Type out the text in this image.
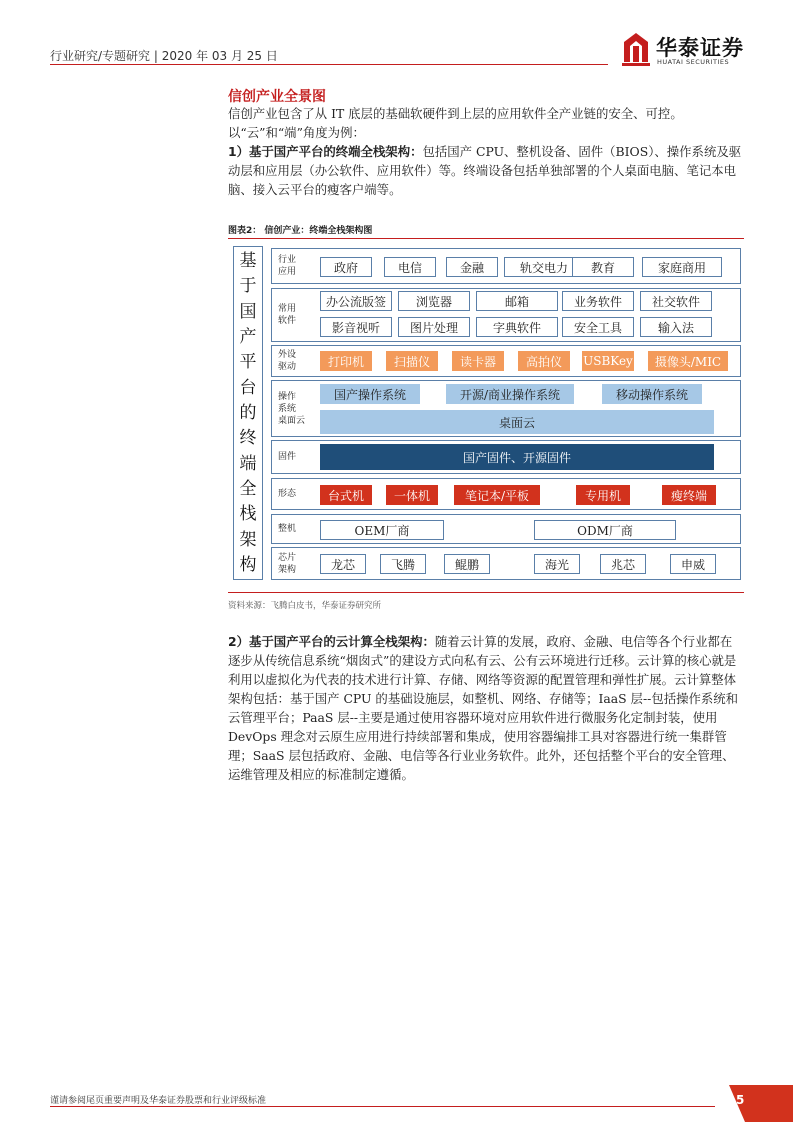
行业研究/专题研究 | 2020 年 03 月 25 日	华泰证券
HUATAI SECURITIES
信创产业全景图
信创产业包含了从 IT 底层的基础软硬件到上层的应用软件全产业链的安全、可控。
以“云”和“端”角度为例：
1）基于国产平台的终端全栈架构：包括国产 CPU、整机设备、固件（BIOS）、操作系统及驱动层和应用层（办公软件、应用软件）等。终端设备包括单独部署的个人桌面电脑、笔记本电脑、接入云平台的瘦客户端等。
图表2： 信创产业：终端全栈架构图
基
于
国
产
平
台
的
终
端
全
栈
架
构
行业
应用	政府	电信	金融	轨交电力	教育	家庭商用
常用
软件
办公流版签	浏览器	邮箱	业务软件	社交软件
影音视听	图片处理	字典软件	安全工具	输入法
外设
驱动	打印机	扫描仪	读卡器	高拍仪	USBKey	摄像头/MIC
操作
系统
桌面云
国产操作系统	开源/商业操作系统	移动操作系统
桌面云
固件	国产固件、开源固件
形态	台式机	一体机	笔记本/平板	专用机	瘦终端
整机	OEM厂商	ODM厂商
芯片
架构	龙芯	飞腾	鲲鹏	海光	兆芯	申威
资料来源：飞腾白皮书，华泰证券研究所
2）基于国产平台的云计算全栈架构：随着云计算的发展，政府、金融、电信等各个行业都在逐步从传统信息系统“烟囱式”的建设方式向私有云、公有云环境进行迁移。云计算的核心就是利用以虚拟化为代表的技术进行计算、存储、网络等资源的配置管理和弹性扩展。云计算整体架构包括：基于国产 CPU 的基础设施层，如整机、网络、存储等；IaaS 层--包括操作系统和云管理平台；PaaS 层--主要是通过使用容器环境对应用软件进行微服务化定制封装，使用 DevOps 理念对云原生应用进行持续部署和集成，使用容器编排工具对容器进行统一集群管理；SaaS 层包括政府、金融、电信等各行业业务软件。此外，还包括整个平台的安全管理、运维管理及相应的标准制定遵循。
谨请参阅尾页重要声明及华泰证券股票和行业评级标准	5
